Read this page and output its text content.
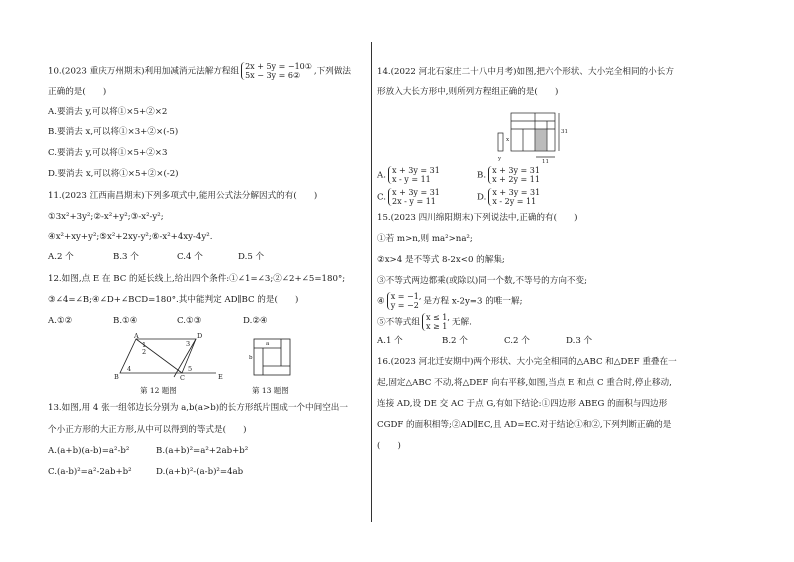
10.(2023 重庆万州期末)利用加减消元法解方程组 2x + 5y = −10①
5x − 3y = 6② ,下列做法
正确的是(　　)
A.要消去 y,可以将①×5+②×2
B.要消去 x,可以将①×3+②×(-5)
C.要消去 y,可以将①×5+②×3
D.要消去 x,可以将①×5+②×(-2)
11.(2023 江西南昌期末)下列多项式中,能用公式法分解因式的有(　　)
①3x²+3y²;②-x²+y²;③-x²-y²;
④x²+xy+y²;⑤x²+2xy-y²;⑥-x²+4xy-4y².
A.2 个	B.3 个	C.4 个	D.5 个
12.如图,点 E 在 BC 的延长线上,给出四个条件:①∠1=∠3;②∠2+∠5=180°;
③∠4=∠B;④∠D+∠BCD=180°.其中能判定 AD∥BC 的是(　　)
A.①②	B.①④	C.①③	D.②④
A	D
B	C	E
1
2
3
4	5
第 12 题图
a
b
第 13 题图
13.如图,用 4 张一组邻边长分别为 a,b(a>b)的长方形纸片围成一个中间空出一
个小正方形的大正方形,从中可以得到的等式是(　　)
A.(a+b)(a-b)=a²-b²	B.(a+b)²=a²+2ab+b²
C.(a-b)²=a²-2ab+b²	D.(a+b)²-(a-b)²=4ab
14.(2022 河北石家庄二十八中月考)如图,把六个形状、大小完全相同的小长方
形放入大长方形中,则所列方程组正确的是(　　)
x
y
31
11
A. x + 3y = 31
x - y = 11	B. x + 3y = 31
x + 2y = 11
C. x + 3y = 31
2x - y = 11	D. x + 3y = 31
x - 2y = 11
15.(2023 四川绵阳期末)下列说法中,正确的有(　　)
①若 m>n,则 ma²>na²;
②x>4 是不等式 8-2x<0 的解集;
③不等式两边都乘(或除以)同一个数,不等号的方向不变;
④ x = −1,
y = −2 是方程 x-2y=3 的唯一解;
⑤不等式组 x ≤ 1,
x ≥ 1 无解.
A.1 个	B.2 个	C.2 个	D.3 个
16.(2023 河北迁安期中)两个形状、大小完全相同的△ABC 和△DEF 重叠在一
起,固定△ABC 不动,将△DEF 向右平移,如图,当点 E 和点 C 重合时,停止移动,
连接 AD,设 DE 交 AC 于点 G,有如下结论:①四边形 ABEG 的面积与四边形
CGDF 的面积相等;②AD∥EC,且 AD=EC.对于结论①和②,下列判断正确的是
(　　)
